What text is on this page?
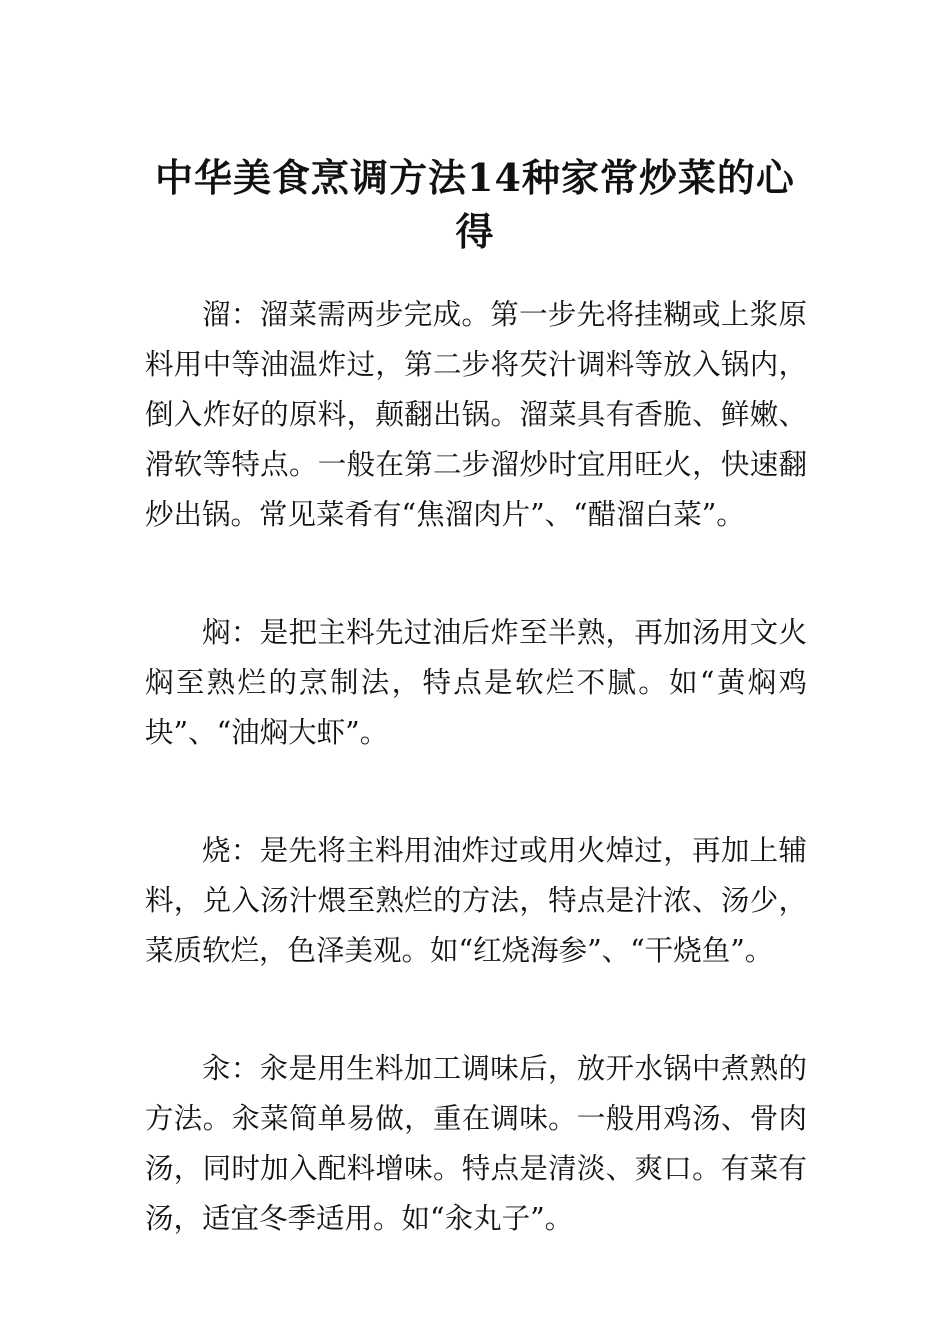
中华美食烹调方法14种家常炒菜的心得

溜：溜菜需两步完成。第一步先将挂糊或上浆原料用中等油温炸过，第二步将芡汁调料等放入锅内，倒入炸好的原料，颠翻出锅。溜菜具有香脆、鲜嫩、滑软等特点。一般在第二步溜炒时宜用旺火，快速翻炒出锅。常见菜肴有“焦溜肉片”、“醋溜白菜”。

焖：是把主料先过油后炸至半熟，再加汤用文火焖至熟烂的烹制法，特点是软烂不腻。如“黄焖鸡块”、“油焖大虾”。

烧：是先将主料用油炸过或用火焯过，再加上辅料，兑入汤汁煨至熟烂的方法，特点是汁浓、汤少，菜质软烂，色泽美观。如“红烧海参”、“干烧鱼”。

汆：汆是用生料加工调味后，放开水锅中煮熟的方法。汆菜简单易做，重在调味。一般用鸡汤、骨肉汤，同时加入配料增味。特点是清淡、爽口。有菜有汤，适宜冬季适用。如“汆丸子”。
